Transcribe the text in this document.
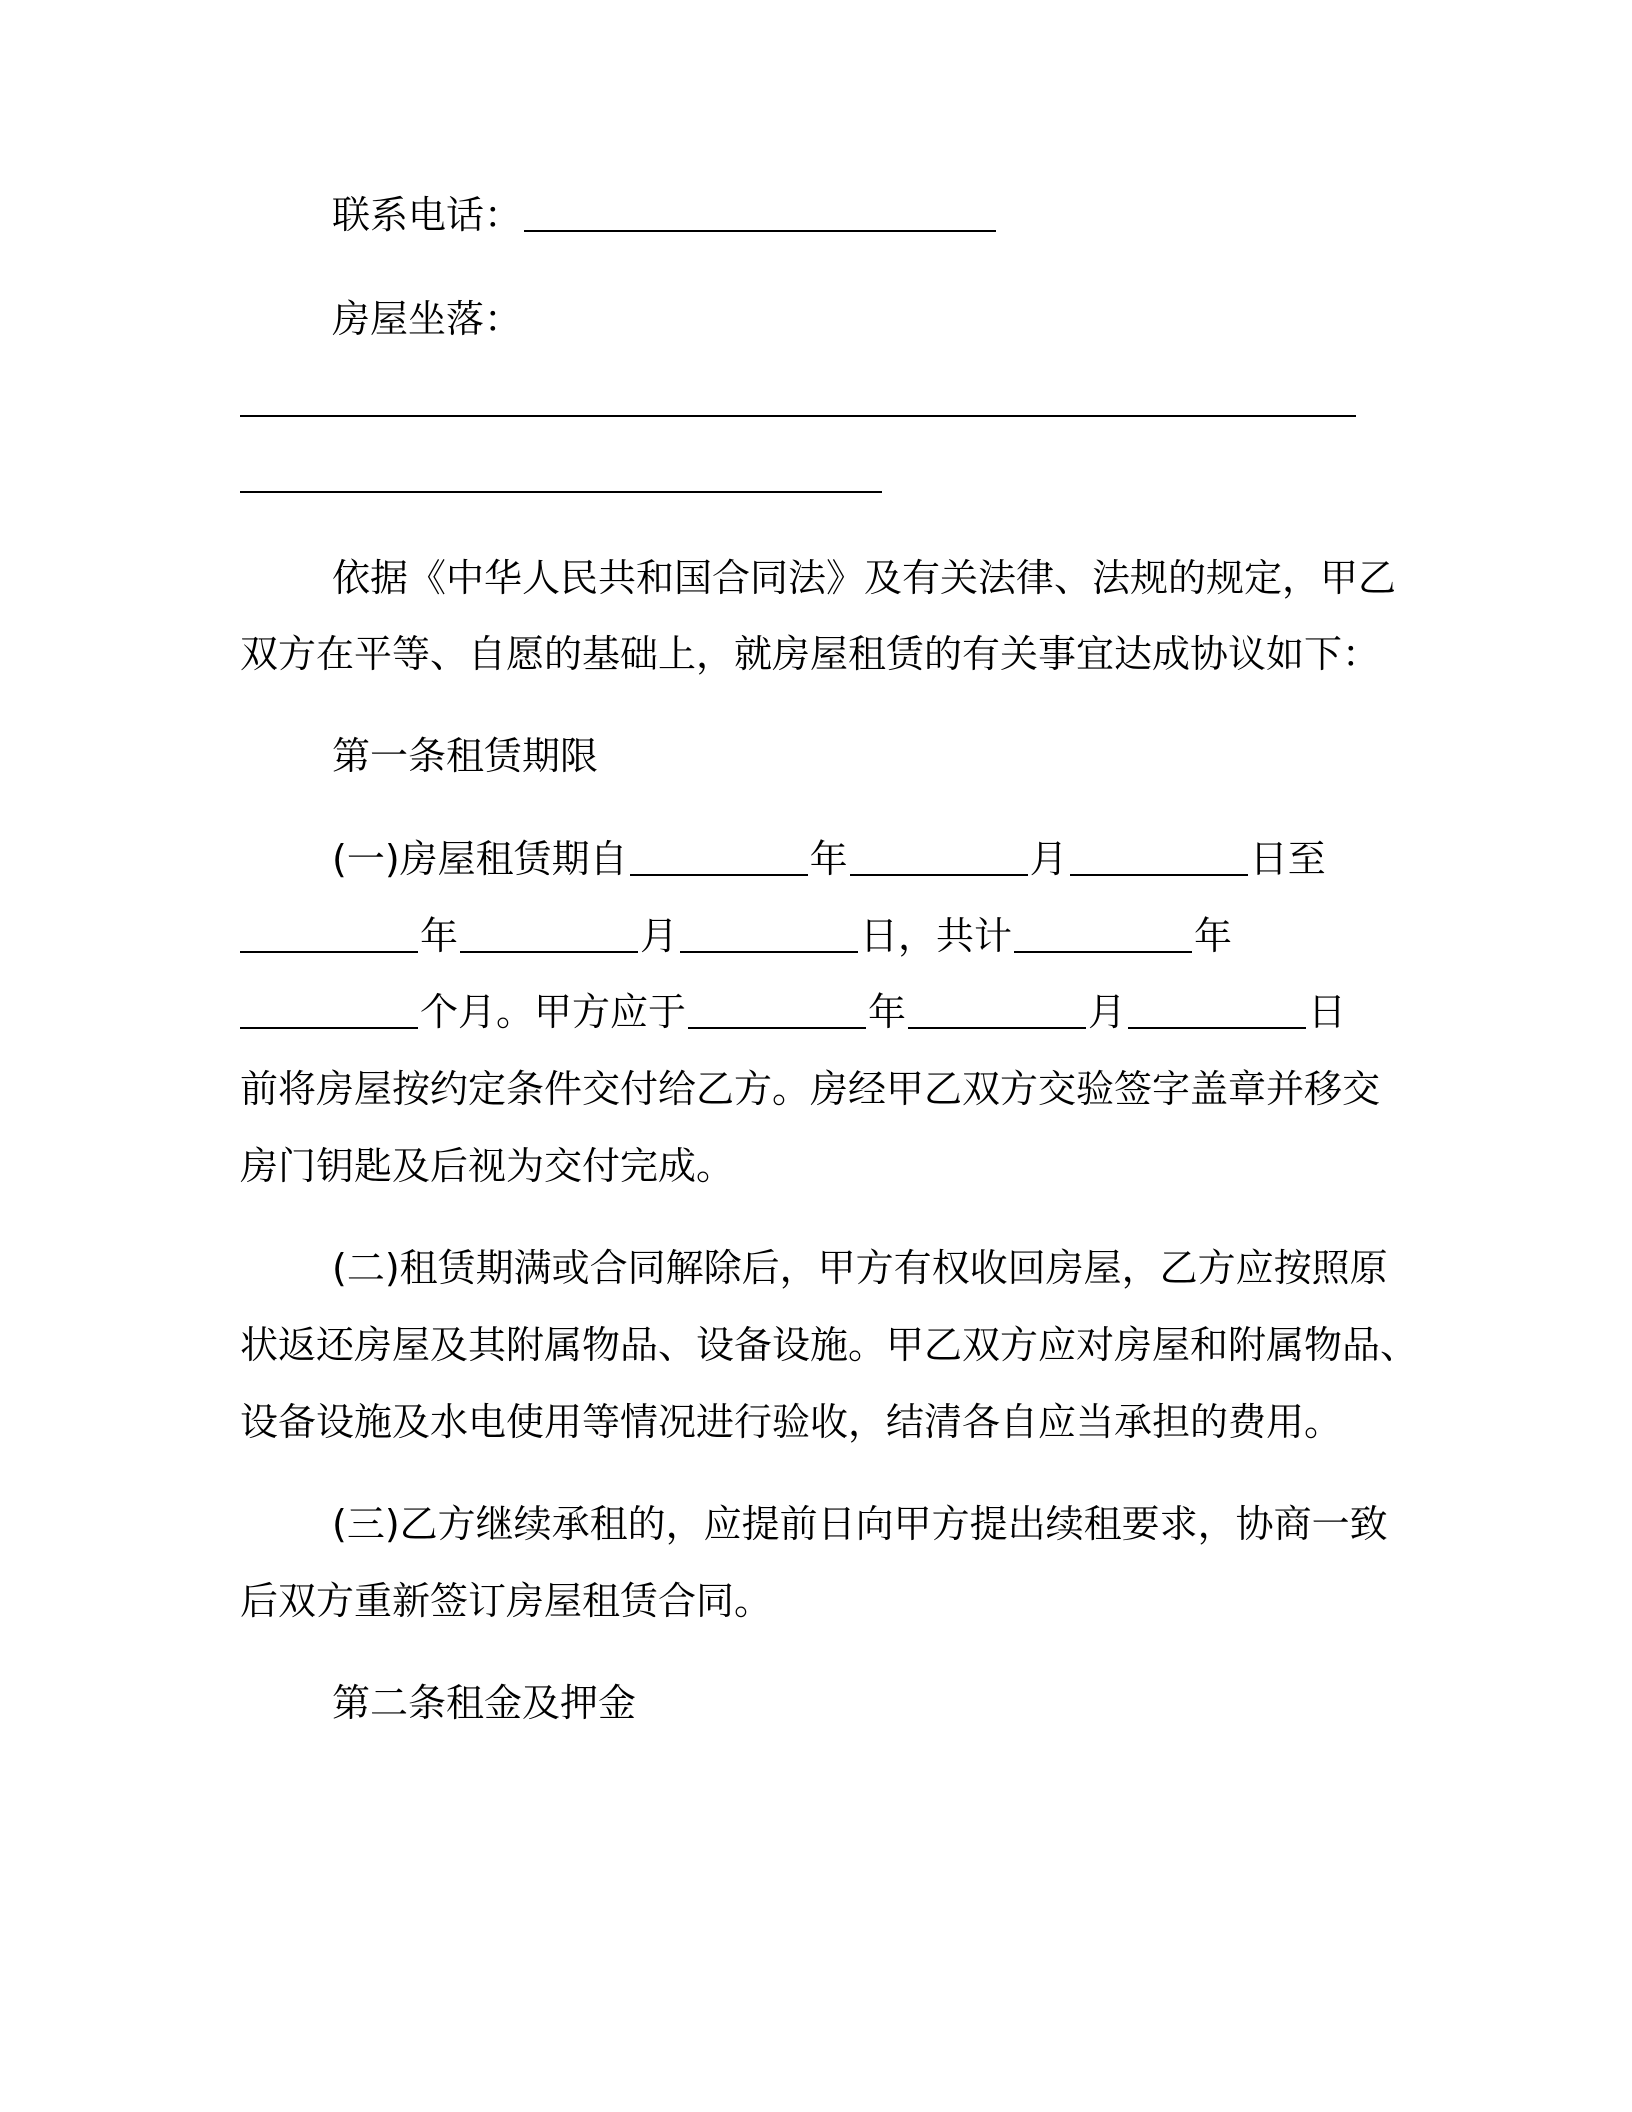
联系电话：
房屋坐落：
依据《中华人民共和国合同法》及有关法律、法规的规定，甲乙
双方在平等、自愿的基础上，就房屋租赁的有关事宜达成协议如下：
第一条租赁期限
(一)房屋租赁期自	年	月	日至
年	月	日，共计	年
个月。甲方应于	年	月	日
前将房屋按约定条件交付给乙方。房经甲乙双方交验签字盖章并移交
房门钥匙及后视为交付完成。
(二)租赁期满或合同解除后，甲方有权收回房屋，乙方应按照原
状返还房屋及其附属物品、设备设施。甲乙双方应对房屋和附属物品、
设备设施及水电使用等情况进行验收，结清各自应当承担的费用。
(三)乙方继续承租的，应提前日向甲方提出续租要求，协商一致
后双方重新签订房屋租赁合同。
第二条租金及押金
